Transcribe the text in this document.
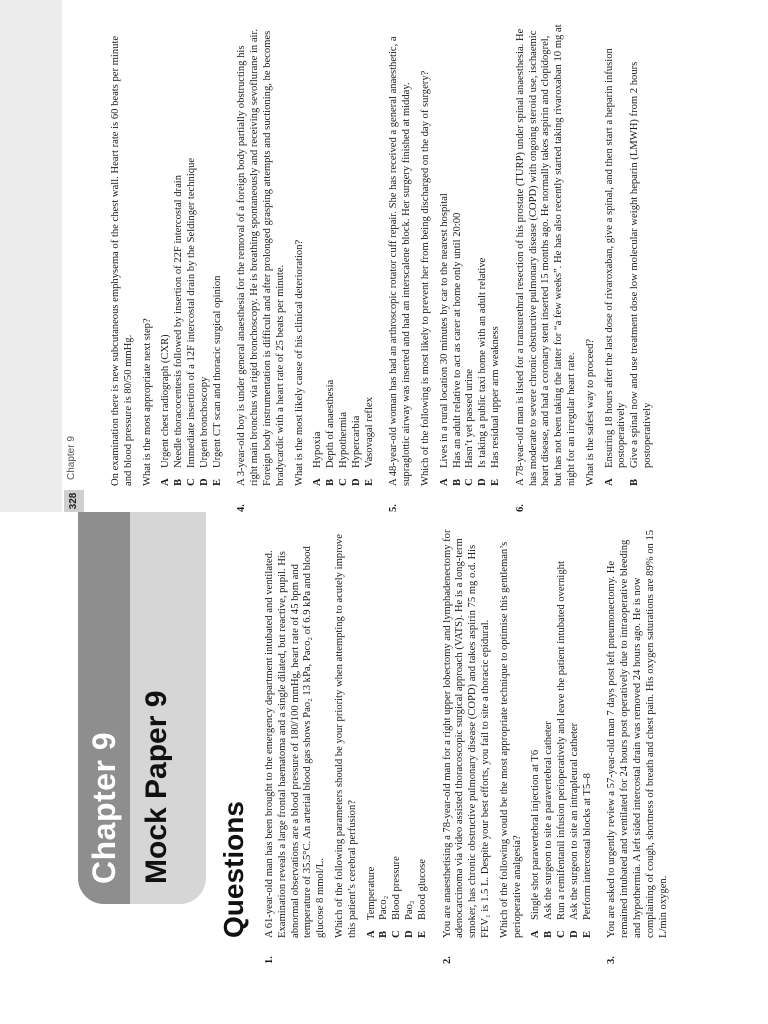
Chapter 9 Mock Paper 9 Questions
1.

A 61-year-old man has been brought to the emergency department intubated and ventilated. Examination reveals a large frontal haematoma and a single dilated, but reactive, pupil. His abnormal observations are a blood pressure of 180/100 mmHg, heart rate of 45 bpm and temperature of 35.5°C. An arterial blood gas shows Pao₂ 13 kPa, Paco₂ of 6.9 kPa and blood glucose 8 mmol/L. Which of the following parameters should be your priority when attempting to acutely improve this patient’s cerebral perfusion? A
Temperature
B
Paco₂
C
Blood pressure
D
Pao₂
E
Blood glucose
2.

You are anaesthetising a 78-year-old man for a right upper lobectomy and lymphadenectomy for adenocarcinoma via video assisted thoracoscopic surgical approach (VATS). He is a long-term smoker, has chronic obstructive pulmonary disease (COPD) and takes aspirin 75 mg o.d. His FEV₁ is 1.5 L. Despite your best efforts, you fail to site a thoracic epidural. Which of the following would be the most appropriate technique to optimise this gentleman’s perioperative analgesia? A
Single shot paravertebral injection at T6
B
Ask the surgeon to site a paravertebral catheter
C
Run a remifentanil infusion perioperatively and leave the patient intubated overnight
D
Ask the surgeon to site an intrapleural catheter
E
Perform intercostal blocks at T5–8
3.

You are asked to urgently review a 57-year-old man 7 days post left pneumonectomy. He remained intubated and ventilated for 24 hours post operatively due to intraoperative bleeding and hypothermia. A left sided intercostal drain was removed 24 hours ago. He is now complaining of cough, shortness of breath and chest pain. His oxygen saturations are 89% on 15 L/min oxygen.

328
Chapter 9	On examination there is new subcutaneous emphysema of the chest wall. Heart rate is 60 beats per minute and blood pressure is 80/50 mmHg. What is the most appropriate next step? A
Urgent chest radiograph (CXR)
B
Needle thoracocentesis followed by insertion of 22F intercostal drain
C
Immediate insertion of a 12F intercostal drain by the Seldinger technique
D
Urgent bronchoscopy
E
Urgent CT scan and thoracic surgical opinion
4.

A 3-year-old boy is under general anaesthesia for the removal of a foreign body partially obstructing his right main bronchus via rigid bronchoscopy. He is breathing spontaneously and receiving sevoflurane in air. Foreign body instrumentation is difficult and after prolonged grasping attempts and suctioning, he becomes bradycardic with a heart rate of 25 beats per minute. What is the most likely cause of his clinical deterioration? A
Hypoxia
B
Depth of anaesthesia
C
Hypothermia
D
Hypercarbia
E
Vasovagal reflex
5.

A 48-year-old woman has had an arthroscopic rotator cuff repair. She has received a general anaesthetic, a supraglottic airway was inserted and had an interscalene block. Her surgery finished at midday. Which of the following is most likely to prevent her from being discharged on the day of surgery? A
Lives in a rural location 30 minutes by car to the nearest hospital
B
Has an adult relative to act as carer at home only until 20:00
C
Hasn’t yet passed urine
D
Is taking a public taxi home with an adult relative
E
Has residual upper arm weakness
6.

A 78-year-old man is listed for a transurethral resection of his prostate (TURP) under spinal anaesthesia. He has moderate to severe chronic obstructive pulmonary disease (COPD) with ongoing steroid use, ischaemic heart disease, and had a coronary stent inserted 15 months ago. He normally takes aspirin and clopidogrel, but has not been taking the latter for “a few weeks”. He has also recently started taking rivaroxaban 10 mg at night for an irregular heart rate. What is the safest way to proceed? A
Ensuring 18 hours after the last dose of rivaroxaban, give a spinal, and then start a heparin infusion postoperatively
B
Give a spinal now and use treatment dose low molecular weight heparin (LMWH) from 2 hours postoperatively
